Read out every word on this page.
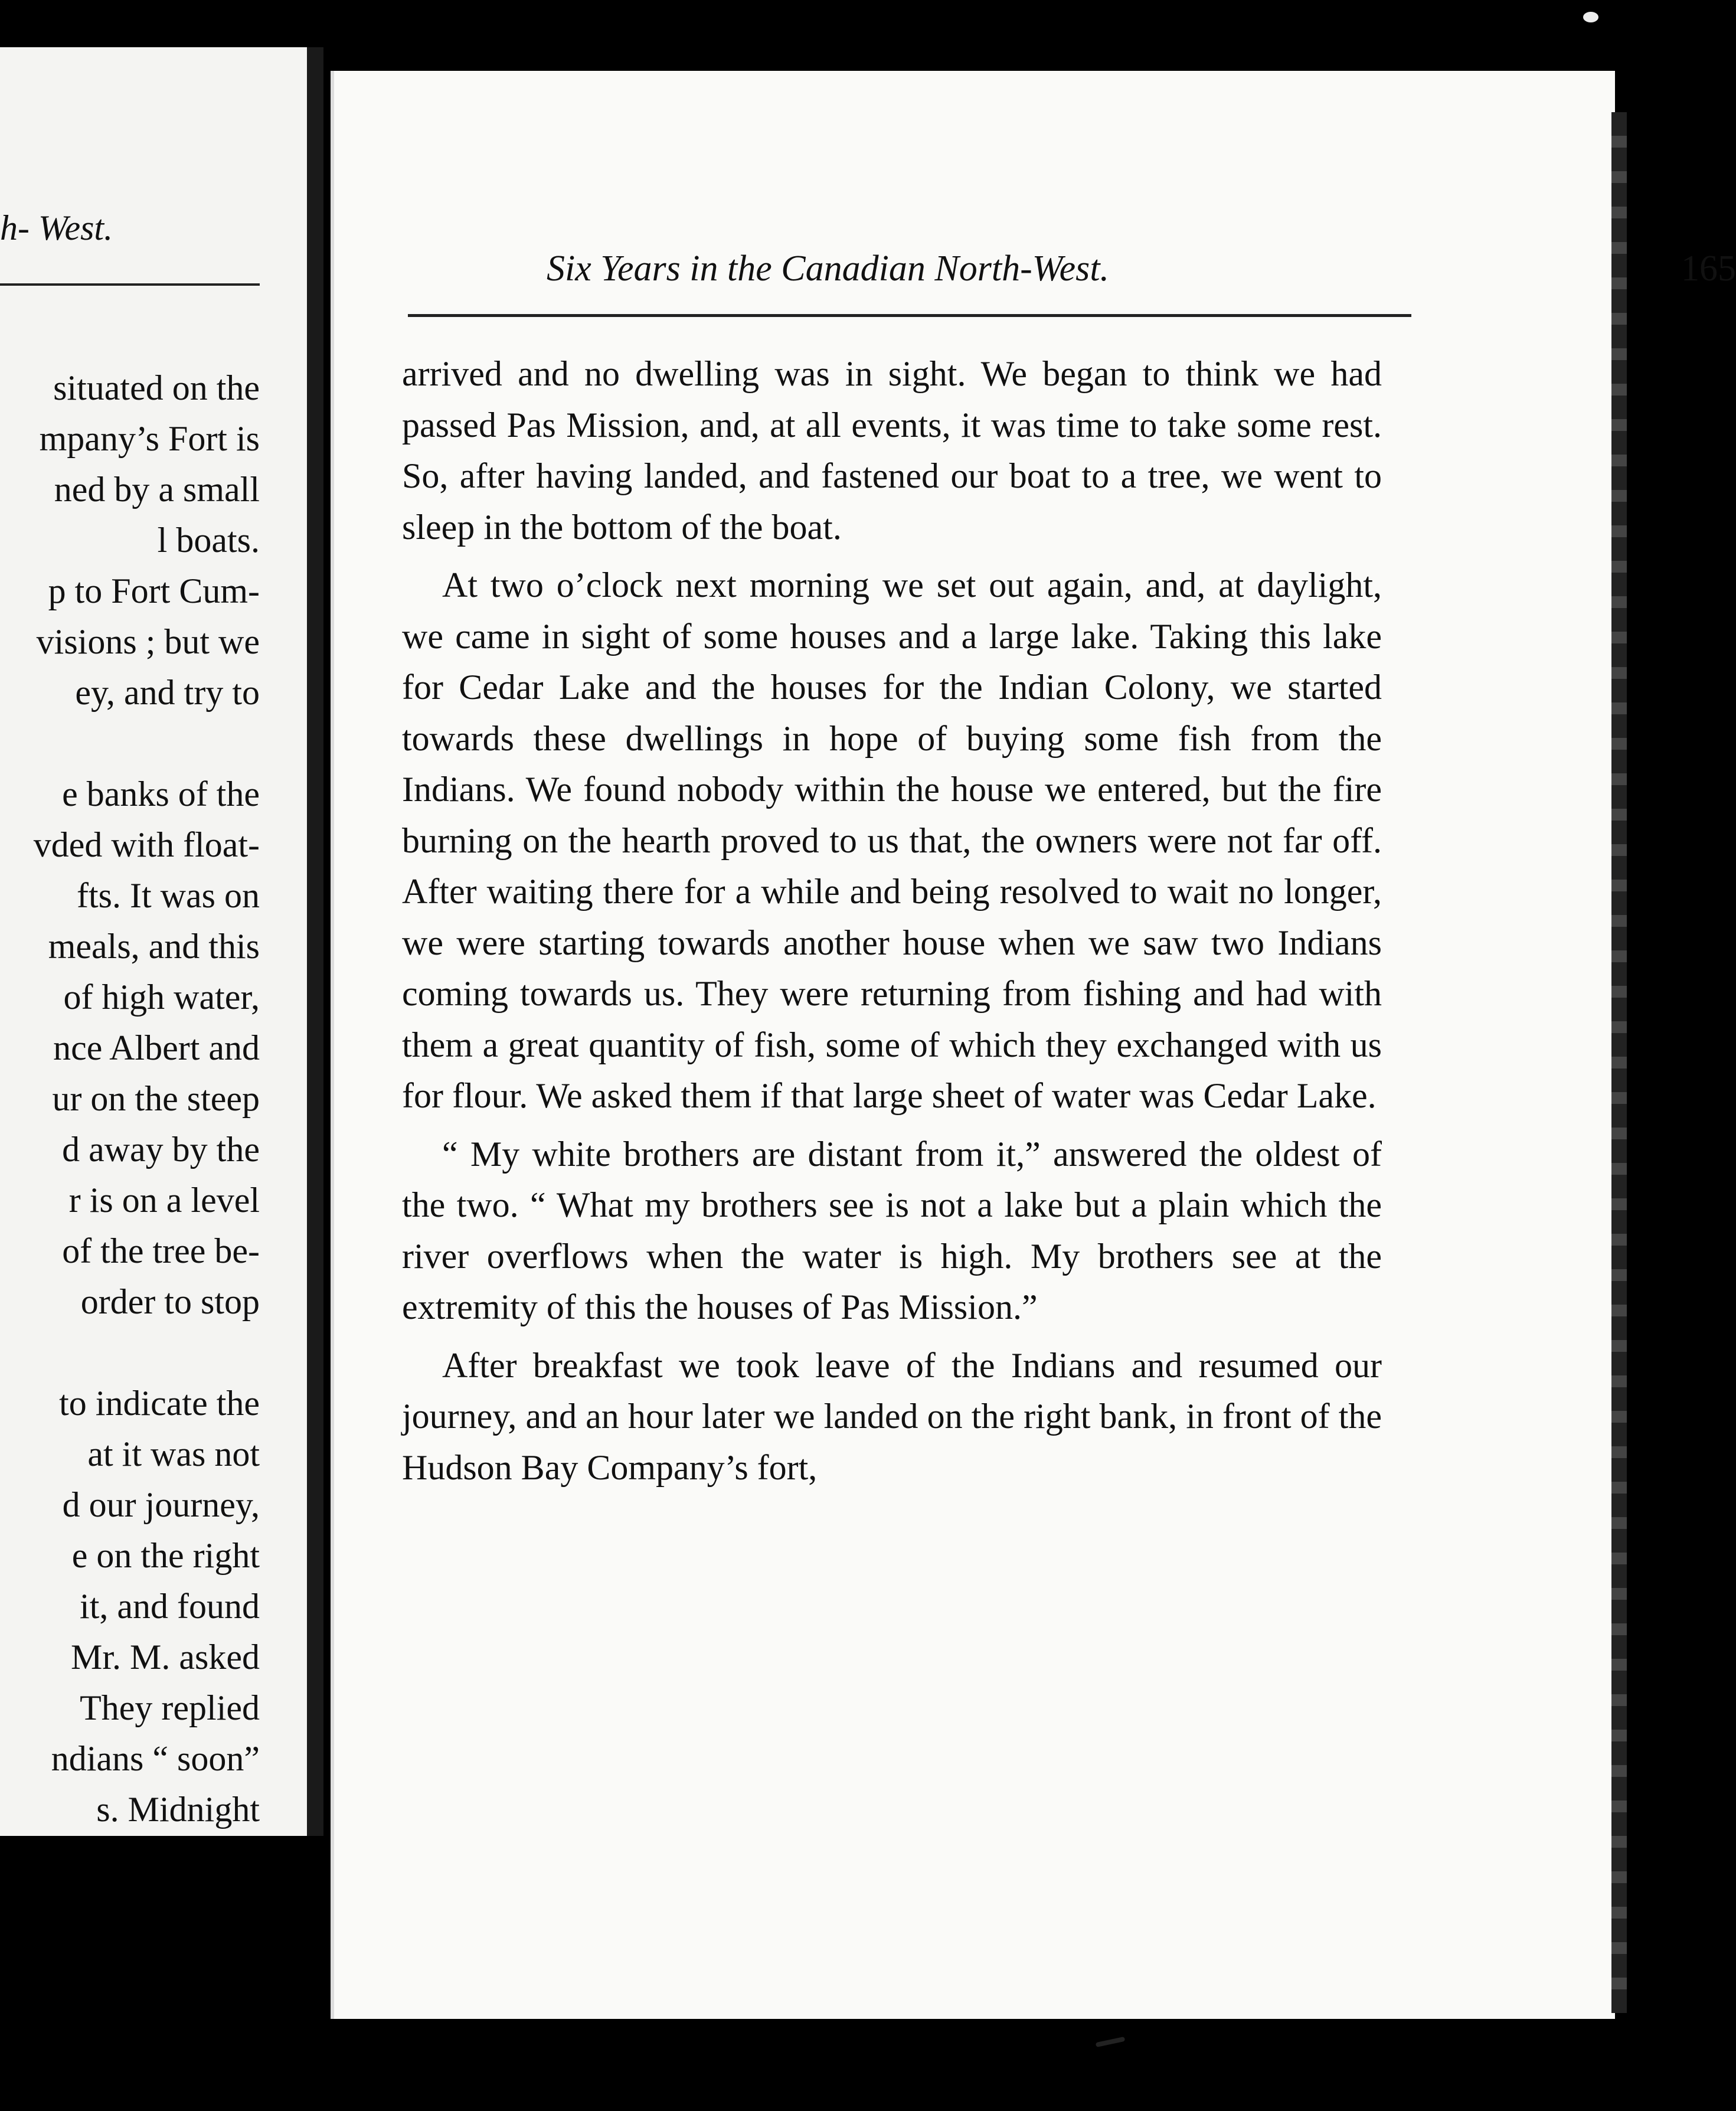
h- West.
situated on the
mpany’s Fort is
ned by a small
l boats.
p to Fort Cum-
visions ; but we
ey, and try to
e banks of the
vded with float-
fts. It was on
meals, and this
of high water,
nce Albert and
ur on the steep
d away by the
r is on a level
of the tree be-
order to stop
to indicate the
at it was not
d our journey,
e on the right
it, and found
Mr. M. asked
They replied
ndians “ soon”
s. Midnight
Six Years in the Canadian North-West.	165

arrived and no dwelling was in sight. We began to think we had passed Pas Mission, and, at all events, it was time to take some rest. So, after having landed, and fastened our boat to a tree, we went to sleep in the bottom of the boat.

At two o’clock next morning we set out again, and, at daylight, we came in sight of some houses and a large lake. Taking this lake for Cedar Lake and the houses for the Indian Colony, we started towards these dwellings in hope of buying some fish from the Indians. We found nobody within the house we entered, but the fire burning on the hearth proved to us that, the owners were not far off. After waiting there for a while and being resolved to wait no longer, we were starting towards another house when we saw two Indians coming towards us. They were returning from fishing and had with them a great quantity of fish, some of which they exchanged with us for flour. We asked them if that large sheet of water was Cedar Lake.

“ My white brothers are distant from it,” answered the oldest of the two. “ What my brothers see is not a lake but a plain which the river overflows when the water is high. My brothers see at the extremity of this the houses of Pas Mission.”

After breakfast we took leave of the Indians and resumed our journey, and an hour later we landed on the right bank, in front of the Hudson Bay Company’s fort,
